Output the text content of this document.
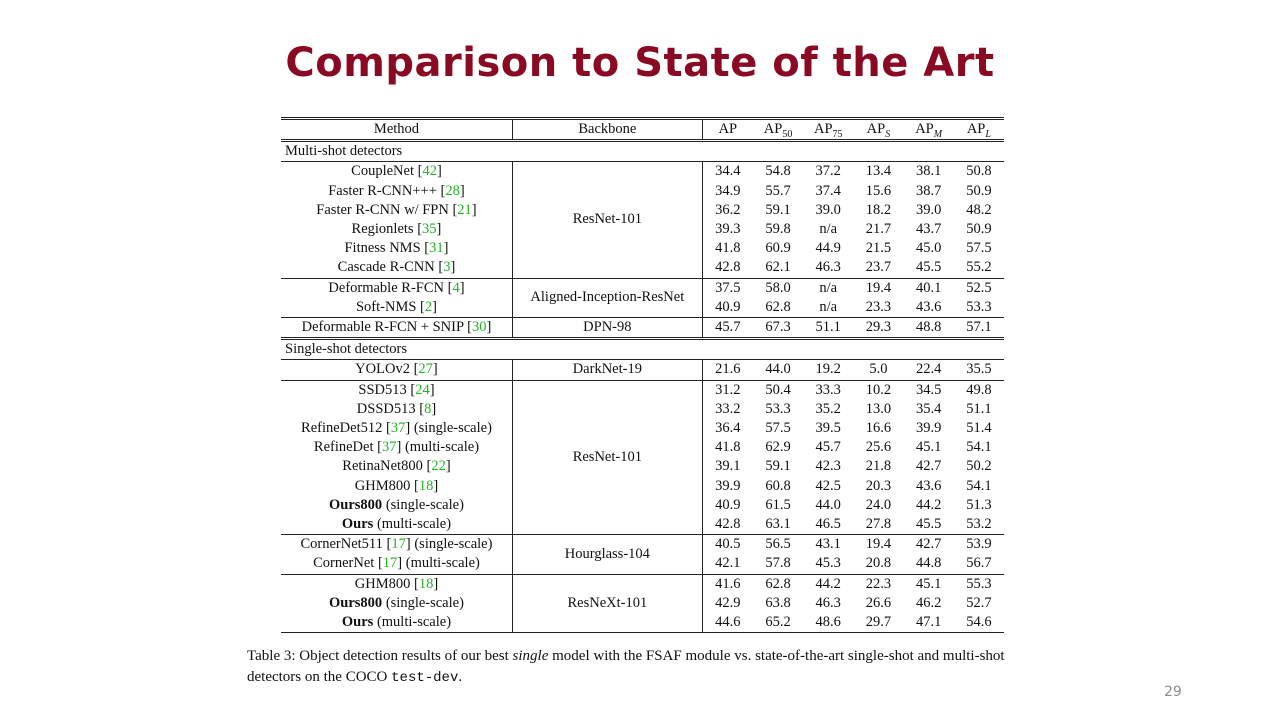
Comparison to State of the Art
Method	Backbone	AP	$AP_{50}$	$AP_{75}$	$AP_S$	$AP_M$	$AP_L$
Multi-shot detectors							
CoupleNet [42]	ResNet-101	34.4	54.8	37.2	13.4	38.1	50.8
Faster R-CNN+++ [28]		34.9	55.7	37.4	15.6	38.7	50.9
Faster R-CNN w/ FPN [21]		36.2	59.1	39.0	18.2	39.0	48.2
Regionlets [35]		39.3	59.8	n/a	21.7	43.7	50.9
Fitness NMS [31]		41.8	60.9	44.9	21.5	45.0	57.5
Cascade R-CNN [3]		42.8	62.1	46.3	23.7	45.5	55.2
Deformable R-FCN [4]	Aligned-Inception-ResNet	37.5	58.0	n/a	19.4	40.1	52.5
Soft-NMS [2]		40.9	62.8	n/a	23.3	43.6	53.3
Deformable R-FCN + SNIP [30]	DPN-98	45.7	67.3	51.1	29.3	48.8	57.1
Single-shot detectors							
YOLOv2 [27]	DarkNet-19	21.6	44.0	19.2	5.0	22.4	35.5
SSD513 [24]	ResNet-101	31.2	50.4	33.3	10.2	34.5	49.8
DSSD513 [8]		33.2	53.3	35.2	13.0	35.4	51.1
RefineDet512 [37] (single-scale)		36.4	57.5	39.5	16.6	39.9	51.4
RefineDet [37] (multi-scale)		41.8	62.9	45.7	25.6	45.1	54.1
RetinaNet800 [22]		39.1	59.1	42.3	21.8	42.7	50.2
GHM800 [18]		39.9	60.8	42.5	20.3	43.6	54.1
Ours800 (single-scale)		40.9	61.5	44.0	24.0	44.2	51.3
Ours (multi-scale)		42.8	63.1	46.5	27.8	45.5	53.2
CornerNet511 [17] (single-scale)	Hourglass-104	40.5	56.5	43.1	19.4	42.7	53.9
CornerNet [17] (multi-scale)		42.1	57.8	45.3	20.8	44.8	56.7
GHM800 [18]	ResNeXt-101	41.6	62.8	44.2	22.3	45.1	55.3
Ours800 (single-scale)		42.9	63.8	46.3	26.6	46.2	52.7
Ours (multi-scale)		44.6	65.2	48.6	29.7	47.1	54.6
Table 3: Object detection results of our best single model with the FSAF module vs. state-of-the-art single-shot and multi-shot detectors on the COCO test-dev.
29
